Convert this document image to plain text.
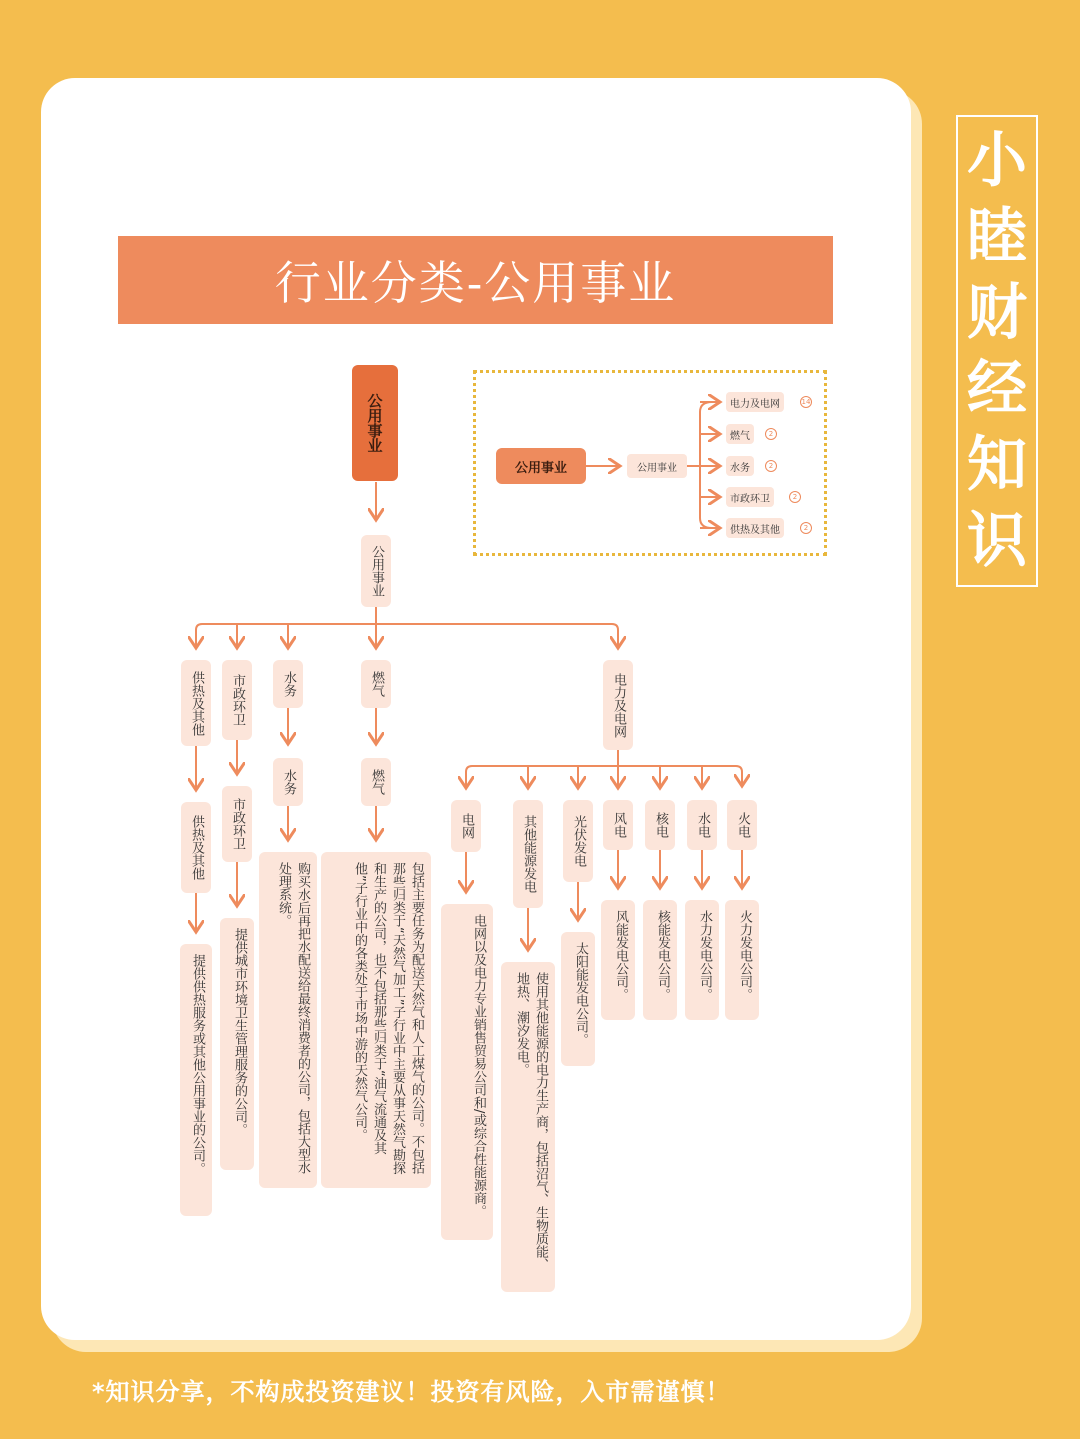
小
睦
财
经
知
识
行业分类-公用事业
公用事业
公用事业
供热及其他	市政环卫	水务	燃气	电力及电网
供热及其他	市政环卫
水务	燃气
提供供热服务或其他公用事业的公司。	提供城市环境卫生管理服务的公司。	购买水后再把水配送给最终消费者的公司，包括大型水处理系统。	包括主要任务为配送天然气和人工煤气的公司。不包括那些归类于“天然气加工”子行业中主要从事天然气勘探和生产的公司，也不包括那些归类于“油气流通及其他”子行业中的各类处于市场中游的天然气公司。
火电
水电
核电
风电
光伏发电
其他能源发电
电网
火力发电公司。
水力发电公司。
核能发电公司。
风能发电公司。
太阳能发电公司。
使用其他能源的电力生产商，包括沼气、生物质能、地热、潮汐发电。
电网以及电力专业销售贸易公司和/或综合性能源商。
公用事业	公用事业
电力及电网	14
燃气	2
水务	2
市政环卫	2
供热及其他	2
*知识分享，不构成投资建议！投资有风险，入市需谨慎！
